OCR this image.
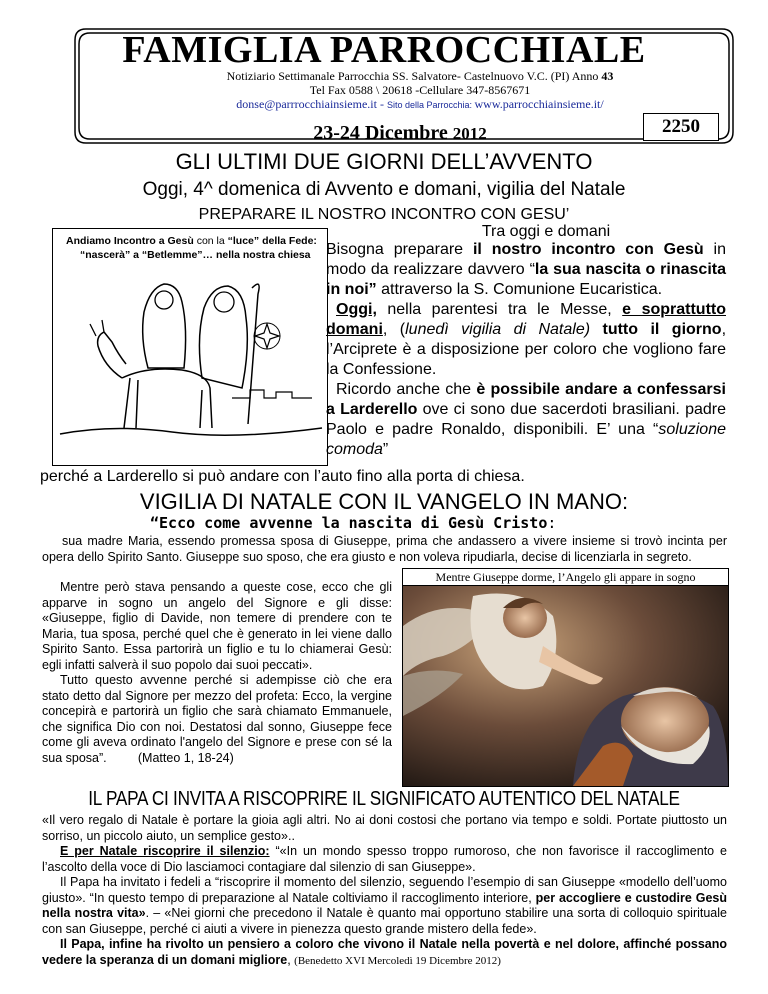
FAMIGLIA PARROCCHIALE
Notiziario Settimanale Parrocchia SS. Salvatore- Castelnuovo V.C. (PI) Anno 43
Tel Fax 0588 \ 20618 -Cellulare 347-8567671
donse@parrrocchiainsieme.it - Sito della Parrocchia: www.parrocchiainsieme.it/
23-24 Dicembre 2012	2250
GLI ULTIMI DUE GIORNI DELL’AVVENTO
Oggi, 4^ domenica di Avvento e domani, vigilia del Natale
PREPARARE IL NOSTRO INCONTRO CON GESU’
Andiamo Incontro a Gesù con la “luce” della Fede:
“nascerà” a “Betlemme”… nella nostra chiesa
Tra oggi e domani

Bisogna preparare il nostro incontro con Gesù in modo da realizzare davvero “la sua nascita o rinascita in noi” attraverso la S. Comunione Eucaristica.

Oggi, nella parentesi tra le Messe, e soprattutto domani, (lunedì vigilia di Natale) tutto il giorno, l’Arciprete è a disposizione per coloro che vogliono fare la Confessione.

Ricordo anche che è possibile andare a confessarsi a Larderello ove ci sono due sacerdoti brasiliani. padre Paolo e padre Ronaldo, disponibili. E’ una “soluzione comoda”

perché a Larderello si può andare con l’auto fino alla porta di chiesa.
VIGILIA DI NATALE CON IL VANGELO IN MANO:
“Ecco come avvenne la nascita di Gesù Cristo:
sua madre Maria, essendo promessa sposa di Giuseppe, prima che andassero a vivere insieme si trovò incinta per opera dello Spirito Santo. Giuseppe suo sposo, che era giusto e non voleva ripudiarla, decise di licenziarla in segreto.

Mentre però stava pensando a queste cose, ecco che gli apparve in sogno un angelo del Signore e gli disse: «Giuseppe, figlio di Davide, non temere di prendere con te Maria, tua sposa, perché quel che è generato in lei viene dallo Spirito Santo. Essa partorirà un figlio e tu lo chiamerai Gesù: egli infatti salverà il suo popolo dai suoi peccati».

Tutto questo avvenne perché si adempisse ciò che era stato detto dal Signore per mezzo del profeta: Ecco, la vergine concepirà e partorirà un figlio che sarà chiamato Emmanuele, che significa Dio con noi. Destatosi dal sonno, Giuseppe fece come gli aveva ordinato l'angelo del Signore e prese con sé la sua sposa”.	(Matteo 1, 18-24)

Mentre Giuseppe dorme, l’Angelo gli appare in sogno
IL PAPA CI INVITA A RISCOPRIRE IL SIGNIFICATO AUTENTICO DEL NATALE

«Il vero regalo di Natale è portare la gioia agli altri. No ai doni costosi che portano via tempo e soldi. Portate piuttosto un sorriso, un piccolo aiuto, un semplice gesto»..

E per Natale riscoprire il silenzio: “«In un mondo spesso troppo rumoroso, che non favorisce il raccoglimento e l’ascolto della voce di Dio lasciamoci contagiare dal silenzio di san Giuseppe».

Il Papa ha invitato i fedeli a “riscoprire il momento del silenzio, seguendo l’esempio di san Giuseppe «modello dell’uomo giusto». “In questo tempo di preparazione al Natale coltiviamo il raccoglimento interiore, per accogliere e custodire Gesù nella nostra vita». – «Nei giorni che precedono il Natale è quanto mai opportuno stabilire una sorta di colloquio spirituale con san Giuseppe, perché ci aiuti a vivere in pienezza questo grande mistero della fede».

Il Papa, infine ha rivolto un pensiero a coloro che vivono il Natale nella povertà e nel dolore, affinché possano vedere la speranza di un domani migliore, (Benedetto XVI Mercoledì 19 Dicembre 2012)
